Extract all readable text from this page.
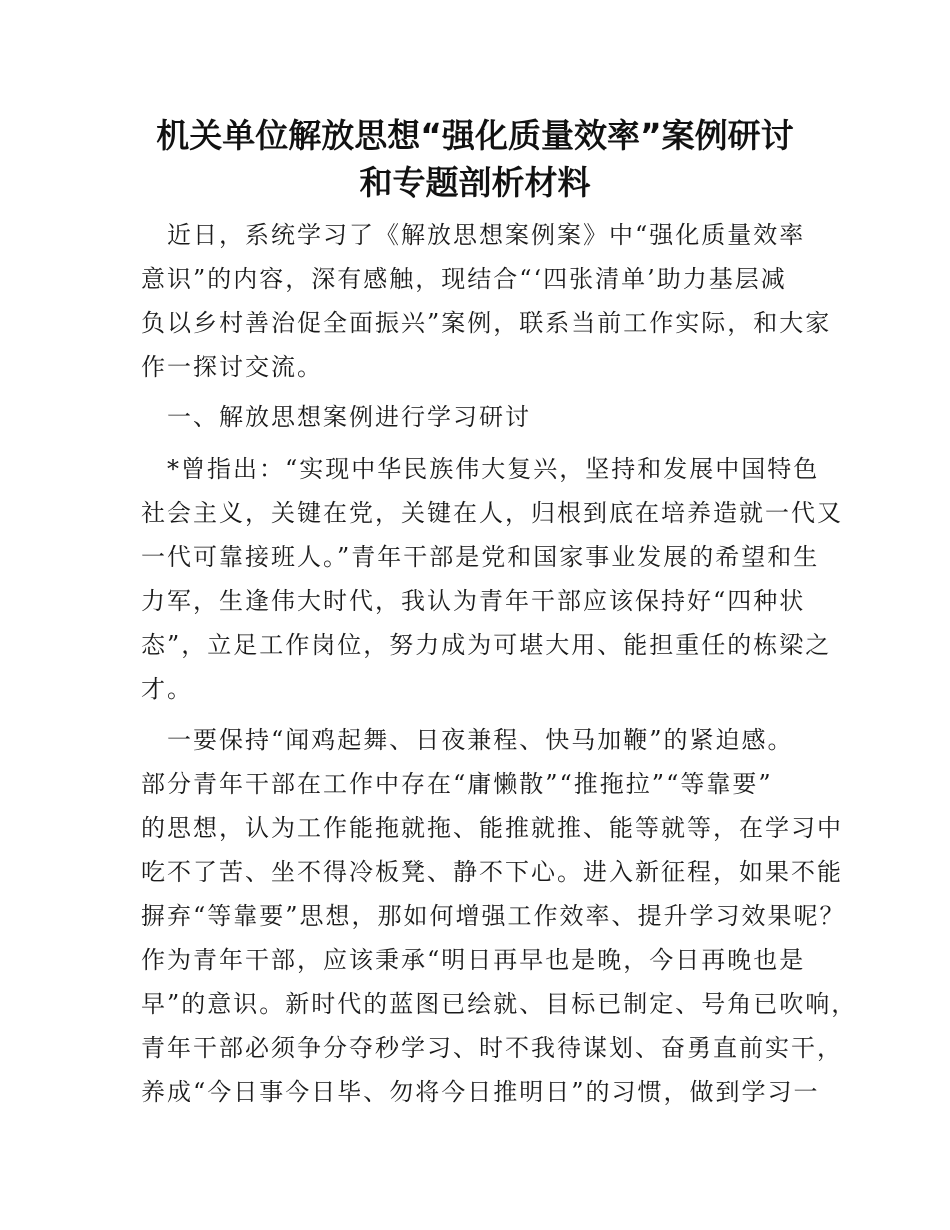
机关单位解放思想“强化质量效率”案例研讨
和专题剖析材料
　近日，系统学习了《解放思想案例案》中“强化质量效率
意识”的内容，深有感触，现结合“‘四张清单’助力基层减
负以乡村善治促全面振兴”案例，联系当前工作实际，和大家
作一探讨交流。
　一、解放思想案例进行学习研讨
　*曾指出：“实现中华民族伟大复兴，坚持和发展中国特色
社会主义，关键在党，关键在人，归根到底在培养造就一代又
一代可靠接班人。”青年干部是党和国家事业发展的希望和生
力军，生逢伟大时代，我认为青年干部应该保持好“四种状
态”，立足工作岗位，努力成为可堪大用、能担重任的栋梁之
才。
　一要保持“闻鸡起舞、日夜兼程、快马加鞭”的紧迫感。
部分青年干部在工作中存在“庸懒散”“推拖拉”“等靠要”
的思想，认为工作能拖就拖、能推就推、能等就等，在学习中
吃不了苦、坐不得冷板凳、静不下心。进入新征程，如果不能
摒弃“等靠要”思想，那如何增强工作效率、提升学习效果呢？
作为青年干部，应该秉承“明日再早也是晚，今日再晚也是
早”的意识。新时代的蓝图已绘就、目标已制定、号角已吹响，
青年干部必须争分夺秒学习、时不我待谋划、奋勇直前实干，
养成“今日事今日毕、勿将今日推明日”的习惯，做到学习一
